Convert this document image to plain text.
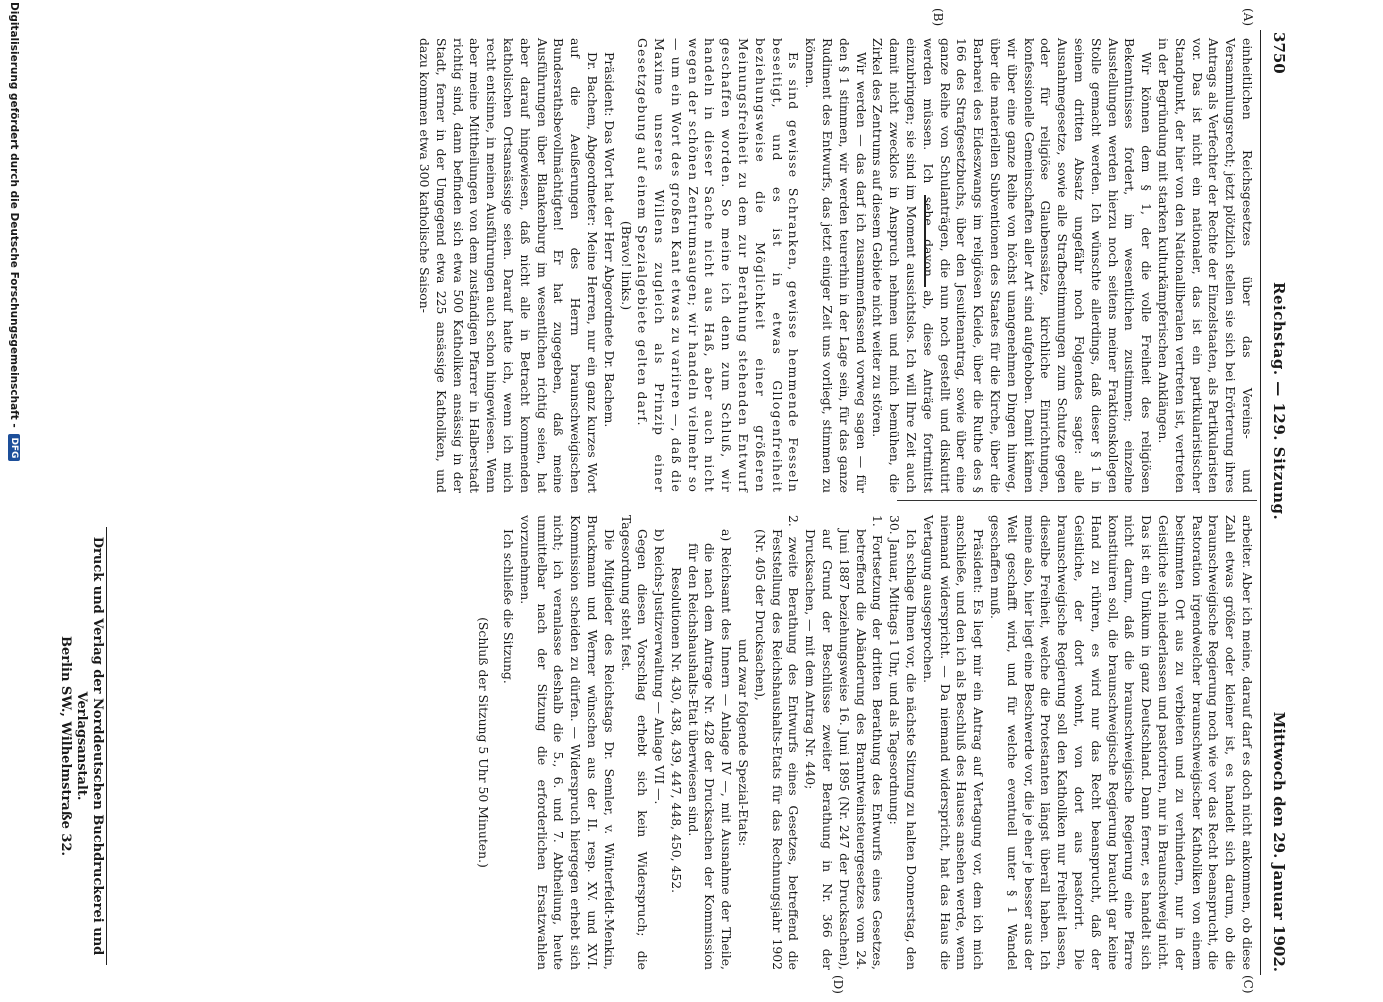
3750
Reichstag. — 129. Sitzung.
Mittwoch den 29. Januar 1902.
(A)
(B)
(C)
(D)

einheitlichen Reichsgesetzes über das Vereins- und Versammlungsrecht; jetzt plötzlich stellen sie sich bei Erörterung ihres Antrags als Verfechter der Rechte der Einzelstaaten, als Partikularisten vor. Das ist nicht ein nationaler, das ist ein partikularistischer Standpunkt, der hier von den Nationalliberalen vertreten ist, vertreten in der Begründung mit starken kulturkämpferischen Anklängen.

Wir können dem § 1, der die volle Freiheit des religiösen Bekenntnisses fordert, im wesentlichen zustimmen; einzelne Ausstellungen werden hierzu noch seitens meiner Fraktionskollegen Stolle gemacht werden. Ich wünschte allerdings, daß dieser § 1 in seinem dritten Absatz ungefähr noch Folgendes sagte: alle Ausnahmegesetze, sowie alle Strafbestimmungen zum Schutze gegen oder für religiöse Glaubenssätze, kirchliche Einrichtungen, konfessionelle Gemeinschaften aller Art sind aufgehoben. Damit kämen wir über eine ganze Reihe von höchst unangenehmen Dingen hinweg, über die materiellen Subventionen des Staates für die Kirche, über die Barbarei des Eideszwangs im religiösen Kleide, über die Ruthe des § 166 des Strafgesetzbuchs, über den Jesuitenantrag, sowie über eine ganze Reihe von Schulanträgen, die nun noch gestellt und diskutirt werden müssen. Ich sehe davon ab, diese Anträge fortmittst einzubringen; sie sind im Moment aussichtslos. Ich will Ihre Zeit auch damit nicht zwecklos in Anspruch nehmen und mich bemühen, die Zirkel des Zentrums auf diesem Gebiete nicht weiter zu stören.

Wir werden — das darf ich zusammenfassend vorweg sagen — für den § 1 stimmen, wir werden teurerhin in der Lage sein, für das ganze Rudiment des Entwurfs, das jetzt einiger Zeit uns vorliegt, stimmen zu können.

Es sind gewisse Schranken, gewisse hemmende Fesseln beseitigt, und es ist in etwas Gllogenfreiheit beziehungsweise die Möglichkeit einer größeren Meinungsfreiheit zu dem zur Berathung stehenden Entwurf geschaffen worden. So meine ich denn zum Schluß, wir handeln in dieser Sache nicht aus Haß, aber auch nicht wegen der schönen Zentrumsaugen; wir handeln vielmehr so — um ein Wort des großen Kant etwas zu variiren —, daß die Maxime unseres Willens zugleich als Prinzip einer Gesetzgebung auf einem Spezialgebiete gelten darf.

(Bravo! links.)

Präsident: Das Wort hat der Herr Abgeordnete Dr. Bachem.

Dr. Bachem, Abgeordneter: Meine Herren, nur ein ganz kurzes Wort auf die Aeußerungen des Herrn braunschweigischen Bundesrathsbevollmächtigten! Er hat zugegeben, daß meine Ausführungen über Blankenburg im wesentlichen richtig seien, hat aber darauf hingewiesen, daß nicht alle in Betracht kommenden katholischen Ortsansässige seien. Darauf hatte ich, wenn ich mich recht entsinne, in meinen Ausführungen auch schon hingewiesen. Wenn aber meine Mittheilungen von dem zuständigen Pfarrer in Halberstadt richtig sind, dann befinden sich etwa 500 Katholiken ansässig in der Stadt, ferner in der Umgegend etwa 225 ansässige Katholiken, und dazu kommen etwa 300 katholische Saison-

arbeiter. Aber ich meine, darauf darf es doch nicht ankommen, ob diese Zahl etwas größer oder kleiner ist, es handelt sich darum, ob die braunschweigische Regierung noch wie vor das Recht beansprucht, die Pastoration irgendwelcher braunschweigischer Katholiken von einem bestimmten Ort aus zu verbieten und zu verhindern, nur in der Geistliche sich niederlassen und pastoriren, nur in Braunschweig nicht. Das ist ein Unikum in ganz Deutschland. Dann ferner, es handelt sich nicht darum, daß die braunschweigische Regierung eine Pfarre konstituiren soll, die braunschweigische Regierung braucht gar keine Hand zu rühren, es wird nur das Recht beansprucht, daß der Geistliche, der dort wohnt, von dort aus pastorirt. Die braunschweigische Regierung soll den Katholiken nur Freiheit lassen, dieselbe Freiheit, welche die Protestanten längst überall haben. Ich meine also, hier liegt eine Beschwerde vor, die je eher je besser aus der Welt geschafft wird, und für welche eventuell unter § 1 Wandel geschaffen muß.

Präsident: Es liegt mir ein Antrag auf Vertagung vor, dem ich mich anschließe, und den ich als Beschluß des Hauses ansehen werde, wenn niemand widerspricht. — Da niemand widerspricht, hat das Haus die Vertagung ausgesprochen.

Ich schlage Ihnen vor, die nächste Sitzung zu halten Donnerstag, den 30. Januar, Mittags 1 Uhr, und als Tagesordnung:

1. Fortsetzung der dritten Berathung des Entwurfs eines Gesetzes, betreffend die Abänderung des Branntweinsteuergesetzes vom 24. Juni 1887 beziehungsweise 16. Juni 1895 (Nr. 247 der Drucksachen), auf Grund der Beschlüsse zweiter Berathung in Nr. 366 der Drucksachen, — mit dem Antrag Nr. 440;

2. zweite Berathung des Entwurfs eines Gesetzes, betreffend die Feststellung des Reichshaushalts-Etats für das Rechnungsjahr 1902 (Nr. 405 der Drucksachen),

und zwar folgende Spezial-Etats:

a) Reichsamt des Innern — Anlage IV —, mit Ausnahme der Theile, die nach dem Antrage Nr. 428 der Drucksachen der Kommission für den Reichshaushalts-Etat überwiesen sind.

Resolutionen Nr. 430, 438, 439, 447, 448, 450, 452.

b) Reichs-Justizverwaltung — Anlage VII —.

Gegen diesen Vorschlag erhebt sich kein Widerspruch; die Tagesordnung steht fest.

Die Mitglieder des Reichstags Dr. Semler, v. Winterfeldt-Menkin, Bruckmann und Werner wünschen aus der II. resp. XV. und XVI. Kommission scheiden zu dürfen. — Widerspruch hiergegen erhebt sich nicht; ich veranlasse deshalb die 5., 6. und 7. Abtheilung, heute unmittelbar nach der Sitzung die erforderlichen Ersatzwahlen vorzunehmen.

Ich schließe die Sitzung.

(Schluß der Sitzung 5 Uhr 50 Minuten.)

Druck und Verlag der Norddeutschen Buchdruckerei und Verlagsanstalt.
Berlin SW., Wilhelmstraße 32.
Digitalisierung gefördert durch die Deutsche Forschungsgemeinschaft - DFG
